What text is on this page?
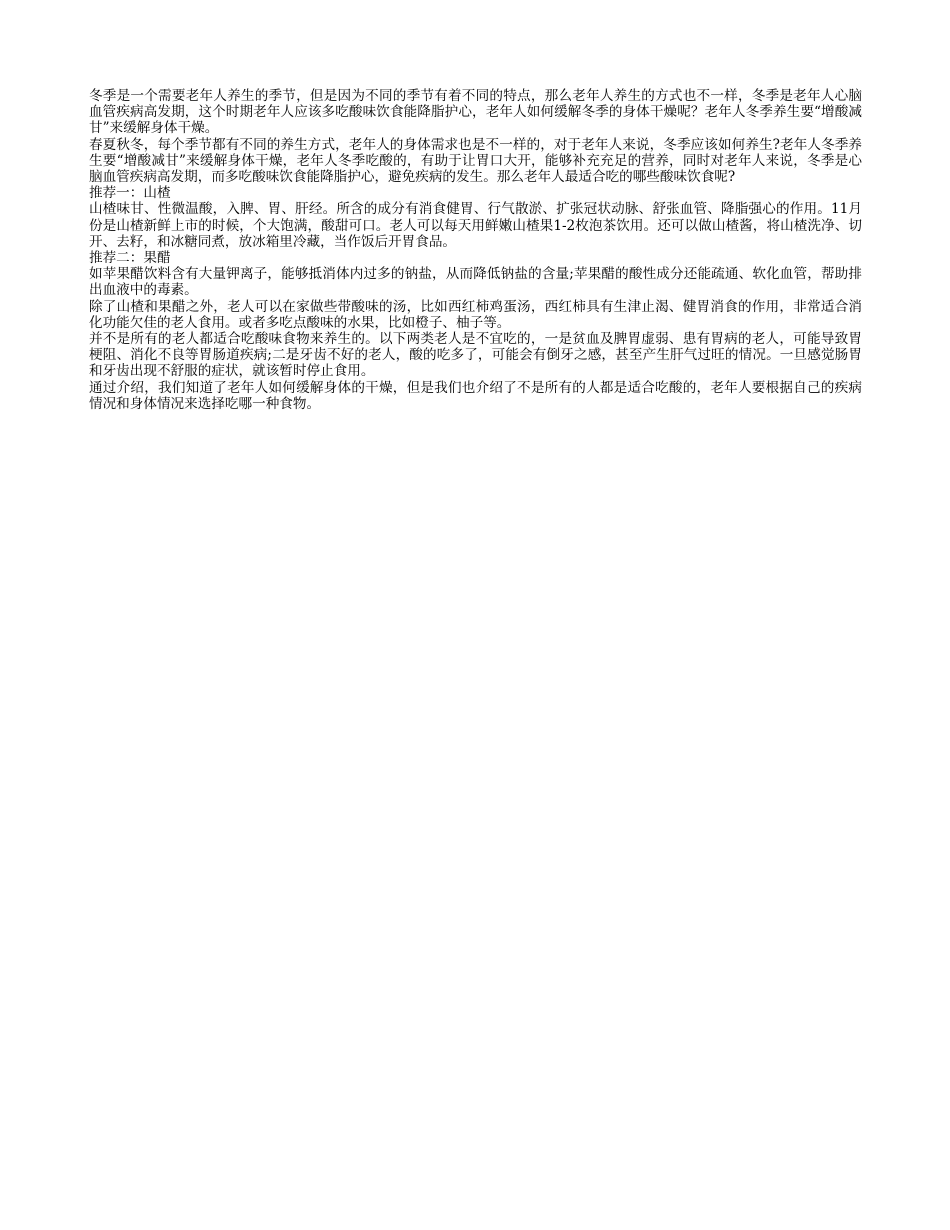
冬季是一个需要老年人养生的季节，但是因为不同的季节有着不同的特点，那么老年人养生的方式也不一样，冬季是老年人心脑血管疾病高发期，这个时期老年人应该多吃酸味饮食能降脂护心，老年人如何缓解冬季的身体干燥呢？老年人冬季养生要“增酸减甘”来缓解身体干燥。

春夏秋冬，每个季节都有不同的养生方式，老年人的身体需求也是不一样的，对于老年人来说，冬季应该如何养生?老年人冬季养生要“增酸减甘”来缓解身体干燥，老年人冬季吃酸的，有助于让胃口大开，能够补充充足的营养，同时对老年人来说，冬季是心脑血管疾病高发期，而多吃酸味饮食能降脂护心，避免疾病的发生。那么老年人最适合吃的哪些酸味饮食呢?

推荐一：山楂

山楂味甘、性微温酸，入脾、胃、肝经。所含的成分有消食健胃、行气散淤、扩张冠状动脉、舒张血管、降脂强心的作用。11月份是山楂新鲜上市的时候，个大饱满，酸甜可口。老人可以每天用鲜嫩山楂果1-2枚泡茶饮用。还可以做山楂酱，将山楂洗净、切开、去籽，和冰糖同煮，放冰箱里冷藏，当作饭后开胃食品。

推荐二：果醋

如苹果醋饮料含有大量钾离子，能够抵消体内过多的钠盐，从而降低钠盐的含量;苹果醋的酸性成分还能疏通、软化血管，帮助排出血液中的毒素。

除了山楂和果醋之外，老人可以在家做些带酸味的汤，比如西红柿鸡蛋汤，西红柿具有生津止渴、健胃消食的作用，非常适合消化功能欠佳的老人食用。或者多吃点酸味的水果，比如橙子、柚子等。

并不是所有的老人都适合吃酸味食物来养生的。以下两类老人是不宜吃的，一是贫血及脾胃虚弱、患有胃病的老人，可能导致胃梗阻、消化不良等胃肠道疾病;二是牙齿不好的老人，酸的吃多了，可能会有倒牙之感，甚至产生肝气过旺的情况。一旦感觉肠胃和牙齿出现不舒服的症状，就该暂时停止食用。

通过介绍，我们知道了老年人如何缓解身体的干燥，但是我们也介绍了不是所有的人都是适合吃酸的，老年人要根据自己的疾病情况和身体情况来选择吃哪一种食物。
